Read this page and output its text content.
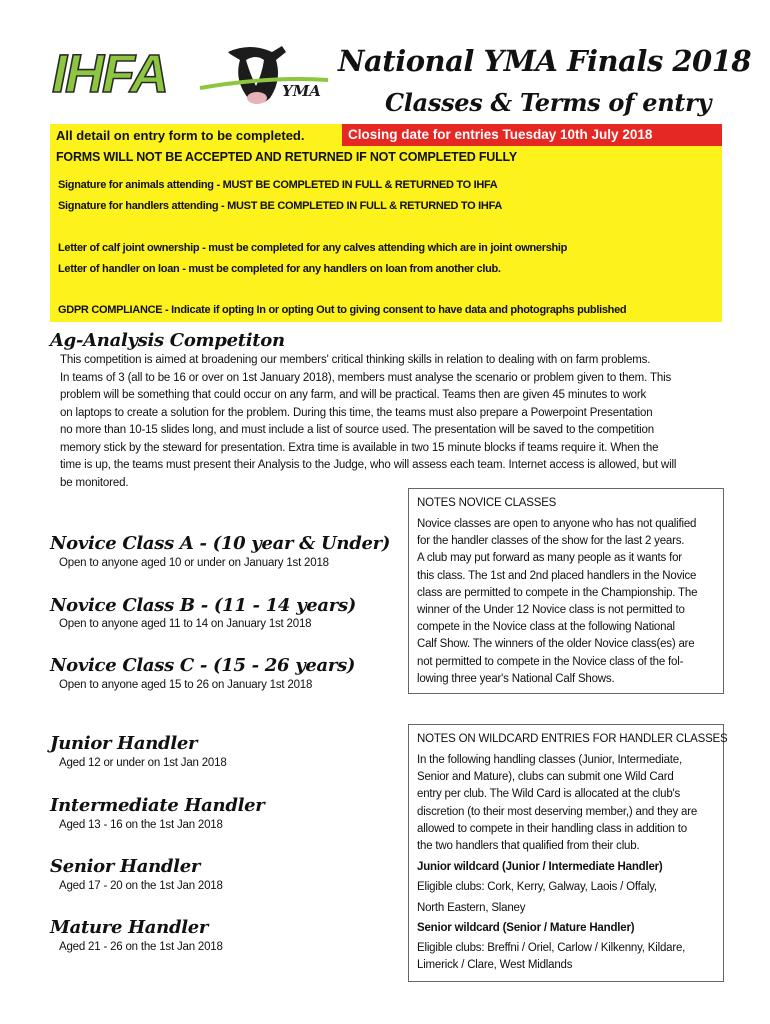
IHFA	YMA
National YMA Finals 2018
Classes & Terms of entry
All detail on entry form to be completed.	Closing date for entries Tuesday 10th July 2018
FORMS WILL NOT BE ACCEPTED AND RETURNED IF NOT COMPLETED FULLY
Signature for animals attending - MUST BE COMPLETED IN FULL & RETURNED TO IHFA
Signature for handlers attending - MUST BE COMPLETED IN FULL & RETURNED TO IHFA
Letter of calf joint ownership - must be completed for any calves attending which are in joint ownership
Letter of handler on loan - must be completed for any handlers on loan from another club.
GDPR COMPLIANCE - Indicate if opting In or opting Out to giving consent to have data and photographs published
Ag-Analysis Competiton
This competition is aimed at broadening our members' critical thinking skills in relation to dealing with on farm problems.
In teams of 3 (all to be 16 or over on 1st January 2018), members must analyse the scenario or problem given to them. This
problem will be something that could occur on any farm, and will be practical. Teams then are given 45 minutes to work
on laptops to create a solution for the problem. During this time, the teams must also prepare a Powerpoint Presentation
no more than 10-15 slides long, and must include a list of source used. The presentation will be saved to the competition
memory stick by the steward for presentation. Extra time is available in two 15 minute blocks if teams require it. When the
time is up, the teams must present their Analysis to the Judge, who will assess each team. Internet access is allowed, but will
be monitored.
Novice Class A - (10 year & Under)
Open to anyone aged 10 or under on January 1st 2018
Novice Class B - (11 - 14 years)
Open to anyone aged 11 to 14 on January 1st 2018
Novice Class C - (15 - 26 years)
Open to anyone aged 15 to 26 on January 1st 2018
Junior Handler
Aged 12 or under on 1st Jan 2018
Intermediate Handler
Aged 13 - 16 on the 1st Jan 2018
Senior Handler
Aged 17 - 20 on the 1st Jan 2018
Mature Handler
Aged 21 - 26 on the 1st Jan 2018
NOTES NOVICE CLASSES
Novice classes are open to anyone who has not qualified
for the handler classes of the show for the last 2 years.
A club may put forward as many people as it wants for
this class. The 1st and 2nd placed handlers in the Novice
class are permitted to compete in the Championship. The
winner of the Under 12 Novice class is not permitted to
compete in the Novice class at the following National
Calf Show. The winners of the older Novice class(es) are
not permitted to compete in the Novice class of the fol-
lowing three year's National Calf Shows.
NOTES ON WILDCARD ENTRIES FOR HANDLER CLASSES
In the following handling classes (Junior, Intermediate,
Senior and Mature), clubs can submit one Wild Card
entry per club. The Wild Card is allocated at the club's
discretion (to their most deserving member,) and they are
allowed to compete in their handling class in addition to
the two handlers that qualified from their club.
Junior wildcard (Junior / Intermediate Handler)
Eligible clubs: Cork, Kerry, Galway, Laois / Offaly,
North Eastern, Slaney
Senior wildcard (Senior / Mature Handler)
Eligible clubs: Breffni / Oriel, Carlow / Kilkenny, Kildare,
Limerick / Clare, West Midlands
